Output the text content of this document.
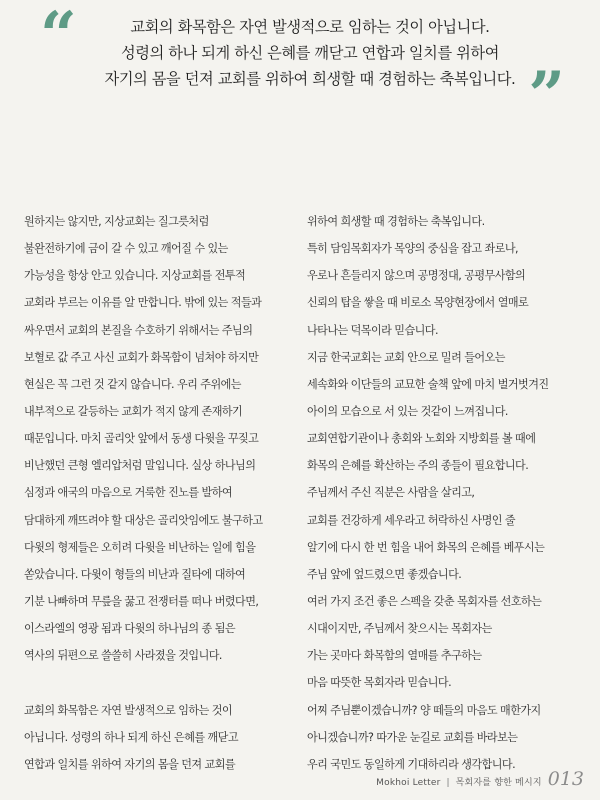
“	교회의 화목함은 자연 발생적으로 임하는 것이 아닙니다.
성령의 하나 되게 하신 은혜를 깨닫고 연합과 일치를 위하여
자기의 몸을 던져 교회를 위하여 희생할 때 경험하는 축복입니다. ”
원하지는 않지만, 지상교회는 질그릇처럼
불완전하기에 금이 갈 수 있고 깨어질 수 있는
가능성을 항상 안고 있습니다. 지상교회를 전투적
교회라 부르는 이유를 알 만합니다. 밖에 있는 적들과
싸우면서 교회의 본질을 수호하기 위해서는 주님의
보혈로 값 주고 사신 교회가 화목함이 넘쳐야 하지만
현실은 꼭 그런 것 같지 않습니다. 우리 주위에는
내부적으로 갈등하는 교회가 적지 않게 존재하기
때문입니다. 마치 골리앗 앞에서 동생 다윗을 꾸짖고
비난했던 큰형 엘리압처럼 말입니다. 실상 하나님의
심정과 애국의 마음으로 거룩한 진노를 발하여
담대하게 깨뜨려야 할 대상은 골리앗임에도 불구하고
다윗의 형제들은 오히려 다윗을 비난하는 일에 힘을
쏟았습니다. 다윗이 형들의 비난과 질타에 대하여
기분 나빠하며 무릎을 꿇고 전쟁터를 떠나 버렸다면,
이스라엘의 영광 됨과 다윗의 하나님의 종 됨은
역사의 뒤편으로 쓸쓸히 사라졌을 것입니다.
교회의 화목함은 자연 발생적으로 임하는 것이
아닙니다. 성령의 하나 되게 하신 은혜를 깨닫고
연합과 일치를 위하여 자기의 몸을 던져 교회를
위하여 희생할 때 경험하는 축복입니다.
특히 담임목회자가 목양의 중심을 잡고 좌로나,
우로나 흔들리지 않으며 공명정대, 공평무사함의
신뢰의 탑을 쌓을 때 비로소 목양현장에서 열매로
나타나는 덕목이라 믿습니다.
지금 한국교회는 교회 안으로 밀려 들어오는
세속화와 이단들의 교묘한 술책 앞에 마치 벌거벗겨진
아이의 모습으로 서 있는 것같이 느껴집니다.
교회연합기관이나 총회와 노회와 지방회를 볼 때에
화목의 은혜를 확산하는 주의 종들이 필요합니다.
주님께서 주신 직분은 사람을 살리고,
교회를 건강하게 세우라고 허락하신 사명인 줄
알기에 다시 한 번 힘을 내어 화목의 은혜를 베푸시는
주님 앞에 엎드렸으면 좋겠습니다.
여러 가지 조건 좋은 스펙을 갖춘 목회자를 선호하는
시대이지만, 주님께서 찾으시는 목회자는
가는 곳마다 화목함의 열매를 추구하는
마음 따뜻한 목회자라 믿습니다.
어찌 주님뿐이겠습니까? 양 떼들의 마음도 매한가지
아니겠습니까? 따가운 눈길로 교회를 바라보는
우리 국민도 동일하게 기대하리라 생각합니다.
Mokhoi Letter | 목회자를 향한 메시지 013
